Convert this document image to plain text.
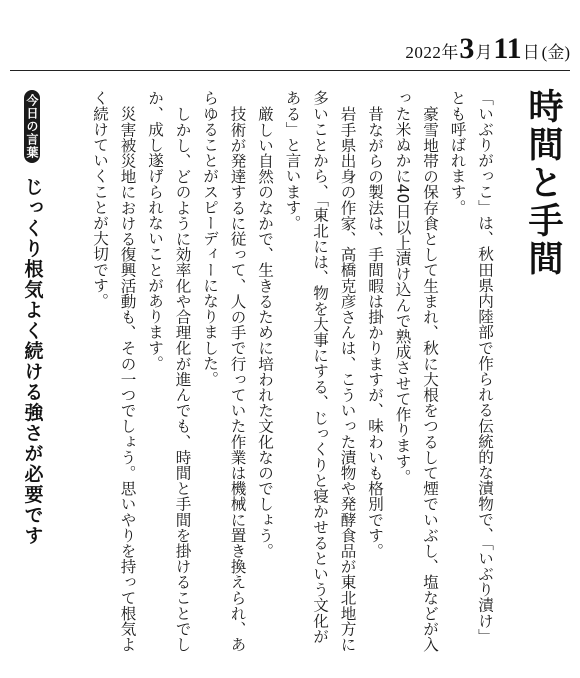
2022 年 3 月 11 日 (金)
時間と手間

「いぶりがっこ」は、秋田県内陸部で作られる伝統的な漬物で、「いぶり漬け」とも呼ばれます。

豪雪地帯の保存食として生まれ、秋に大根をつるして煙でいぶし、塩などが入った米ぬかに40日以上漬け込んで熟成させて作ります。

昔ながらの製法は、手間暇は掛かりますが、味わいも格別です。

岩手県出身の作家、高橋克彦さんは、こういった漬物や発酵食品が東北地方に多いことから、「東北には、物を大事にする、じっくりと寝かせるという文化がある」と言います。

厳しい自然のなかで、生きるために培われた文化なのでしょう。

技術が発達するに従って、人の手で行っていた作業は機械に置き換えられ、あらゆることがスピーディーになりました。

しかし、どのように効率化や合理化が進んでも、時間と手間を掛けることでしか、成し遂げられないことがあります。

災害被災地における復興活動も、その一つでしょう。思いやりを持って根気よく続けていくことが大切です。

今日の言葉
じっくり根気よく続ける強さが必要です
